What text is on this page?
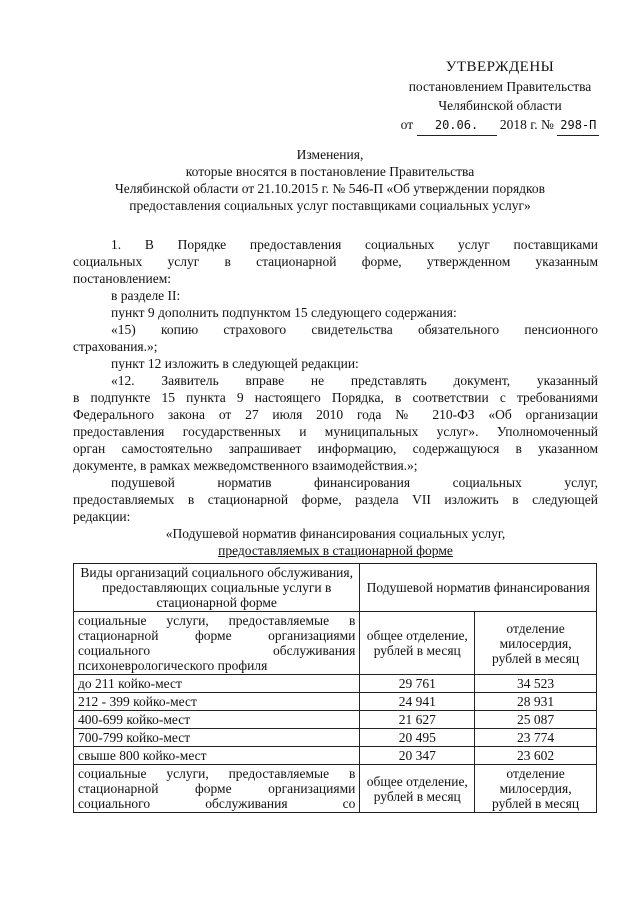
УТВЕРЖДЕНЫ
постановлением Правительства
Челябинской области
от 20.06. 2018 г. № 298-П
Изменения,
которые вносятся в постановление Правительства
Челябинской области от 21.10.2015 г. № 546-П «Об утверждении порядков
предоставления социальных услуг поставщиками социальных услуг»
1. В Порядке предоставления социальных услуг поставщиками
социальных услуг в стационарной форме, утвержденном указанным
постановлением:
в разделе II:
пункт 9 дополнить подпунктом 15 следующего содержания:
«15) копию страхового свидетельства обязательного пенсионного
страхования.»;
пункт 12 изложить в следующей редакции:
«12. Заявитель вправе не представлять документ, указанный
в подпункте 15 пункта 9 настоящего Порядка, в соответствии с требованиями
Федерального закона от 27 июля 2010 года № 210-ФЗ «Об организации
предоставления государственных и муниципальных услуг». Уполномоченный
орган самостоятельно запрашивает информацию, содержащуюся в указанном
документе, в рамках межведомственного взаимодействия.»;
подушевой норматив финансирования социальных услуг,
предоставляемых в стационарной форме, раздела VII изложить в следующей
редакции:
«Подушевой норматив финансирования социальных услуг,
предоставляемых в стационарной форме
Виды организаций социального обслуживания, предоставляющих социальные услуги в стационарной форме	Подушевой норматив финансирования	

социальные услуги, предоставляемые в
стационарной форме организациями
социального обслуживания
психоневрологического профиля	общее отделение, рублей в месяц	отделение милосердия, рублей в месяц
до 211 койко-мест	29 761	34 523
212 - 399 койко-мест	24 941	28 931
400-699 койко-мест	21 627	25 087
700-799 койко-мест	20 495	23 774
свыше 800 койко-мест	20 347	23 602

социальные услуги, предоставляемые в
стационарной форме организациями
социального обслуживания со	общее отделение, рублей в месяц	отделение милосердия, рублей в месяц
